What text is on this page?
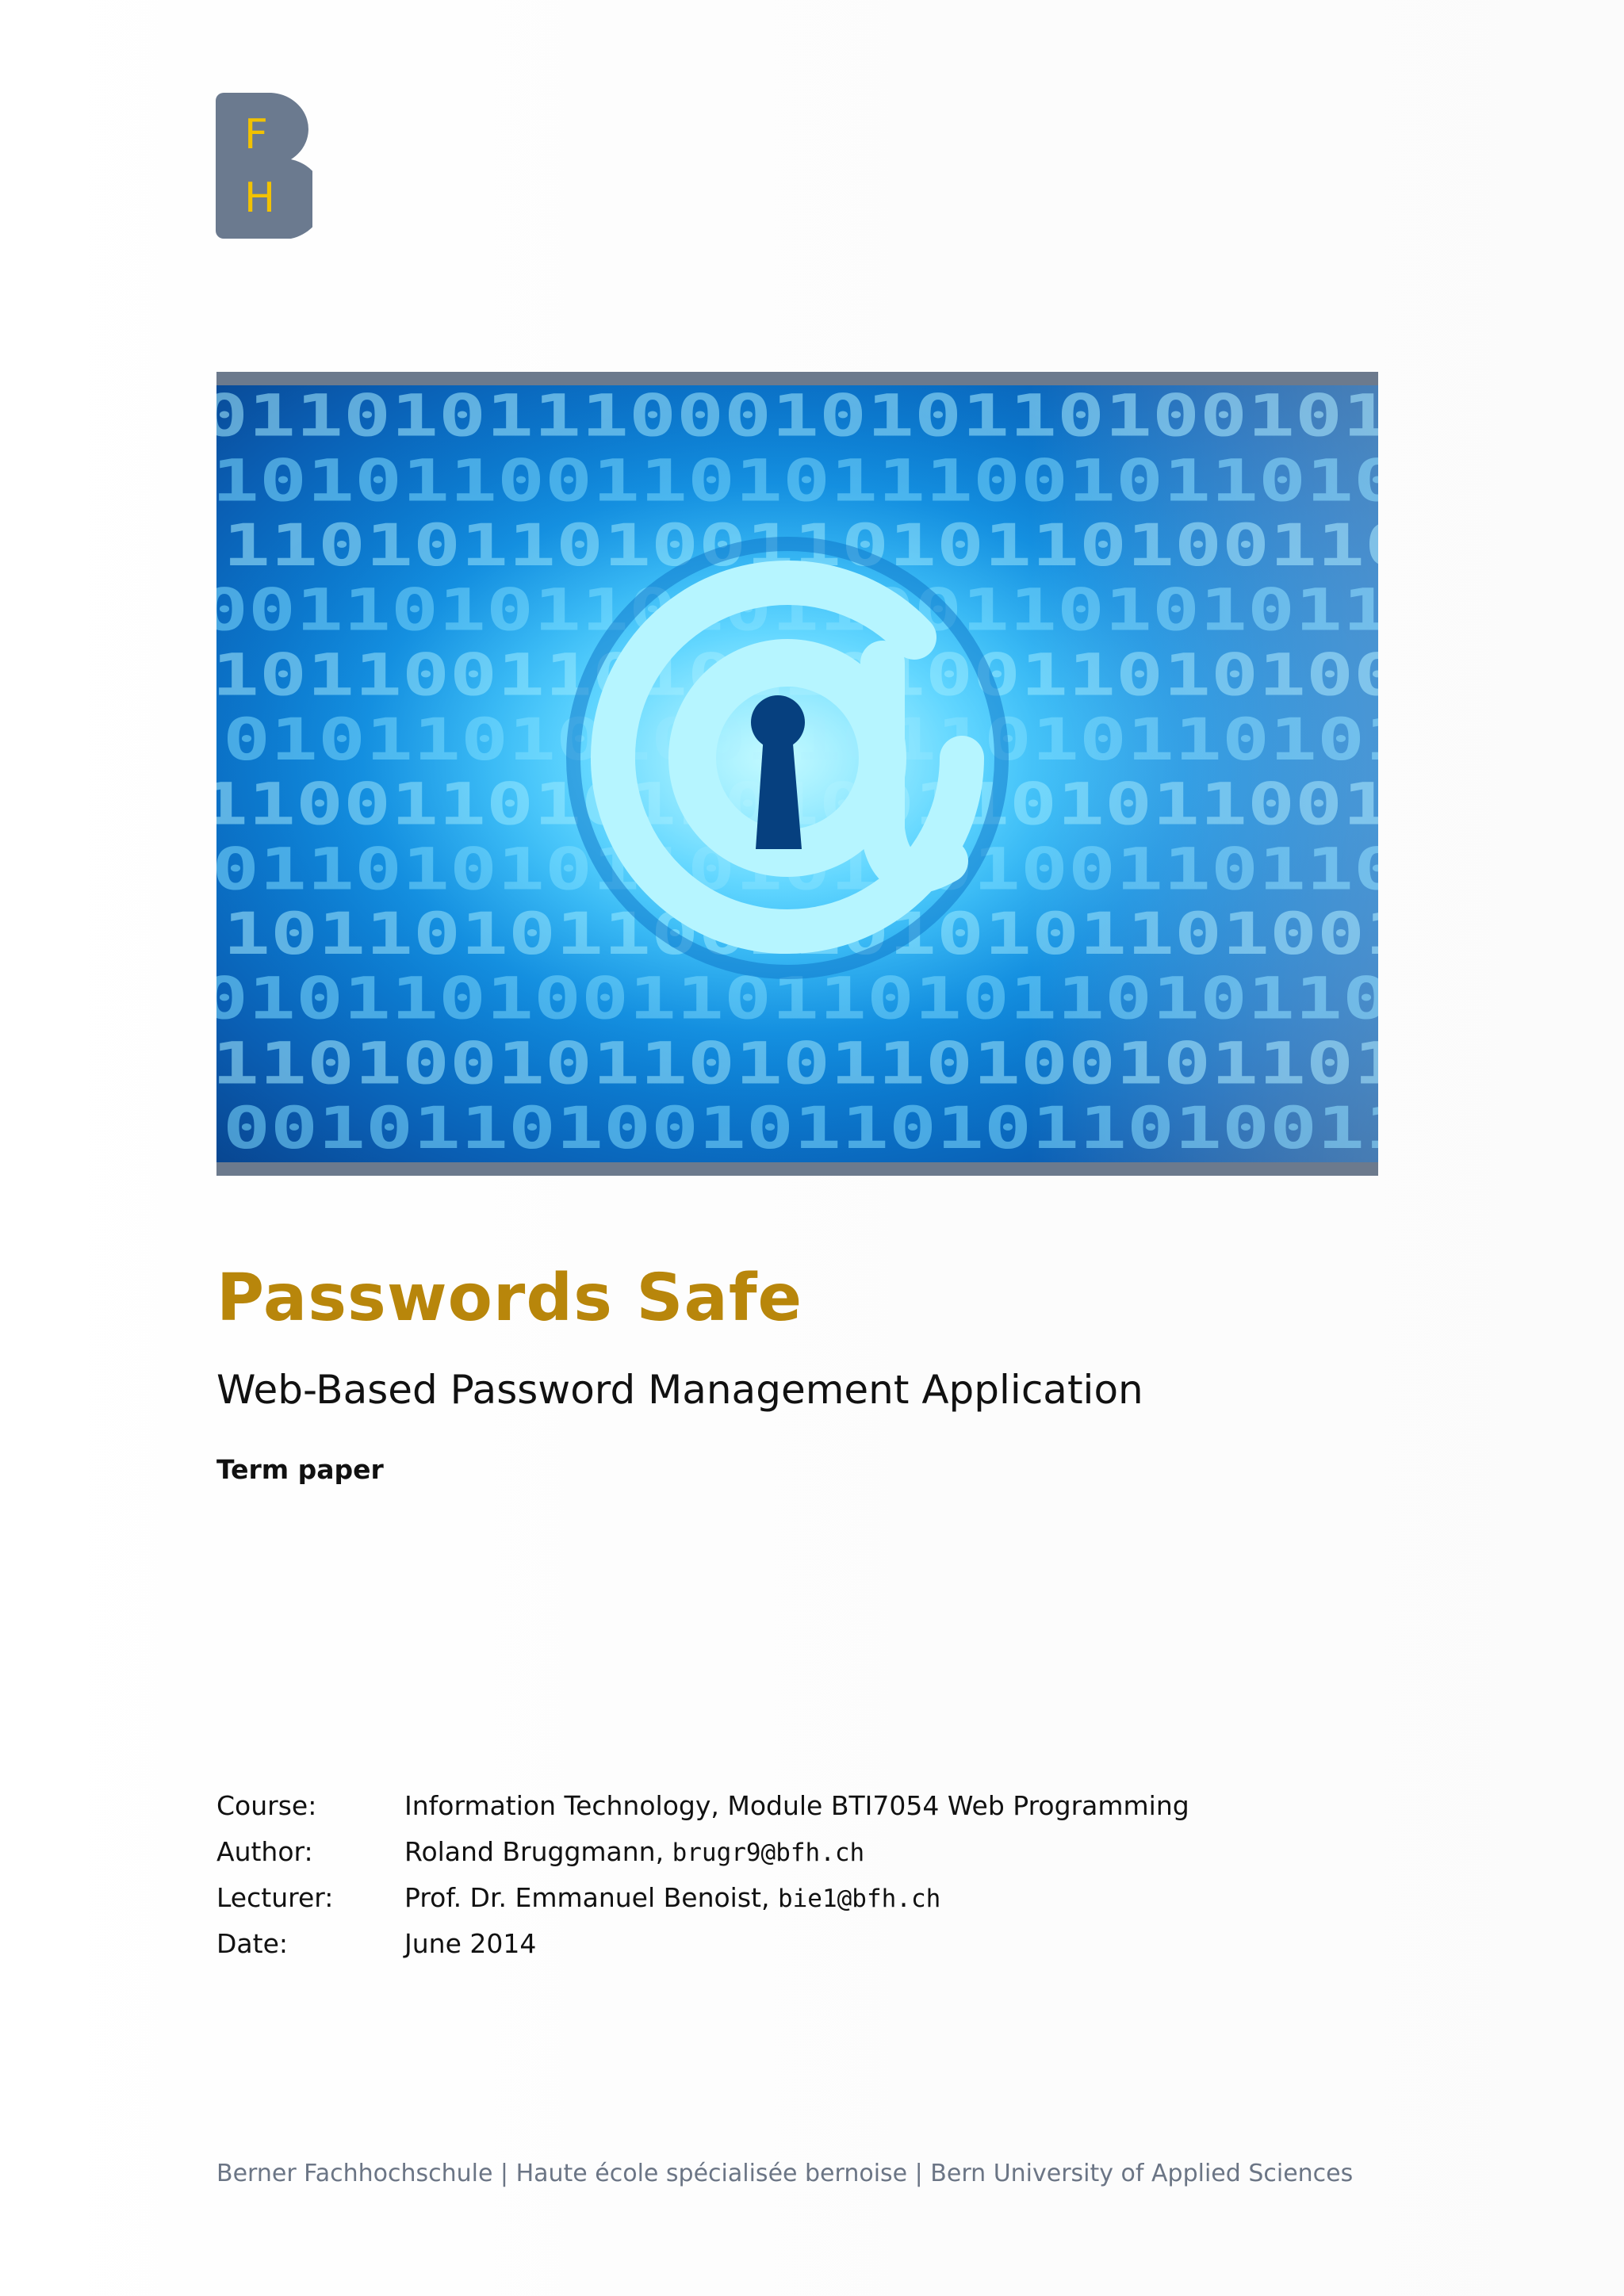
F
H
Passwords Safe
Web-Based Password Management Application
Term paper
Course:	Information Technology, Module BTI7054 Web Programming
Author:	Roland Bruggmann, brugr9@bfh.ch
Lecturer:	Prof. Dr. Emmanuel Benoist, bie1@bfh.ch
Date:	June 2014
Berner Fachhochschule | Haute école spécialisée bernoise | Bern University of Applied Sciences
